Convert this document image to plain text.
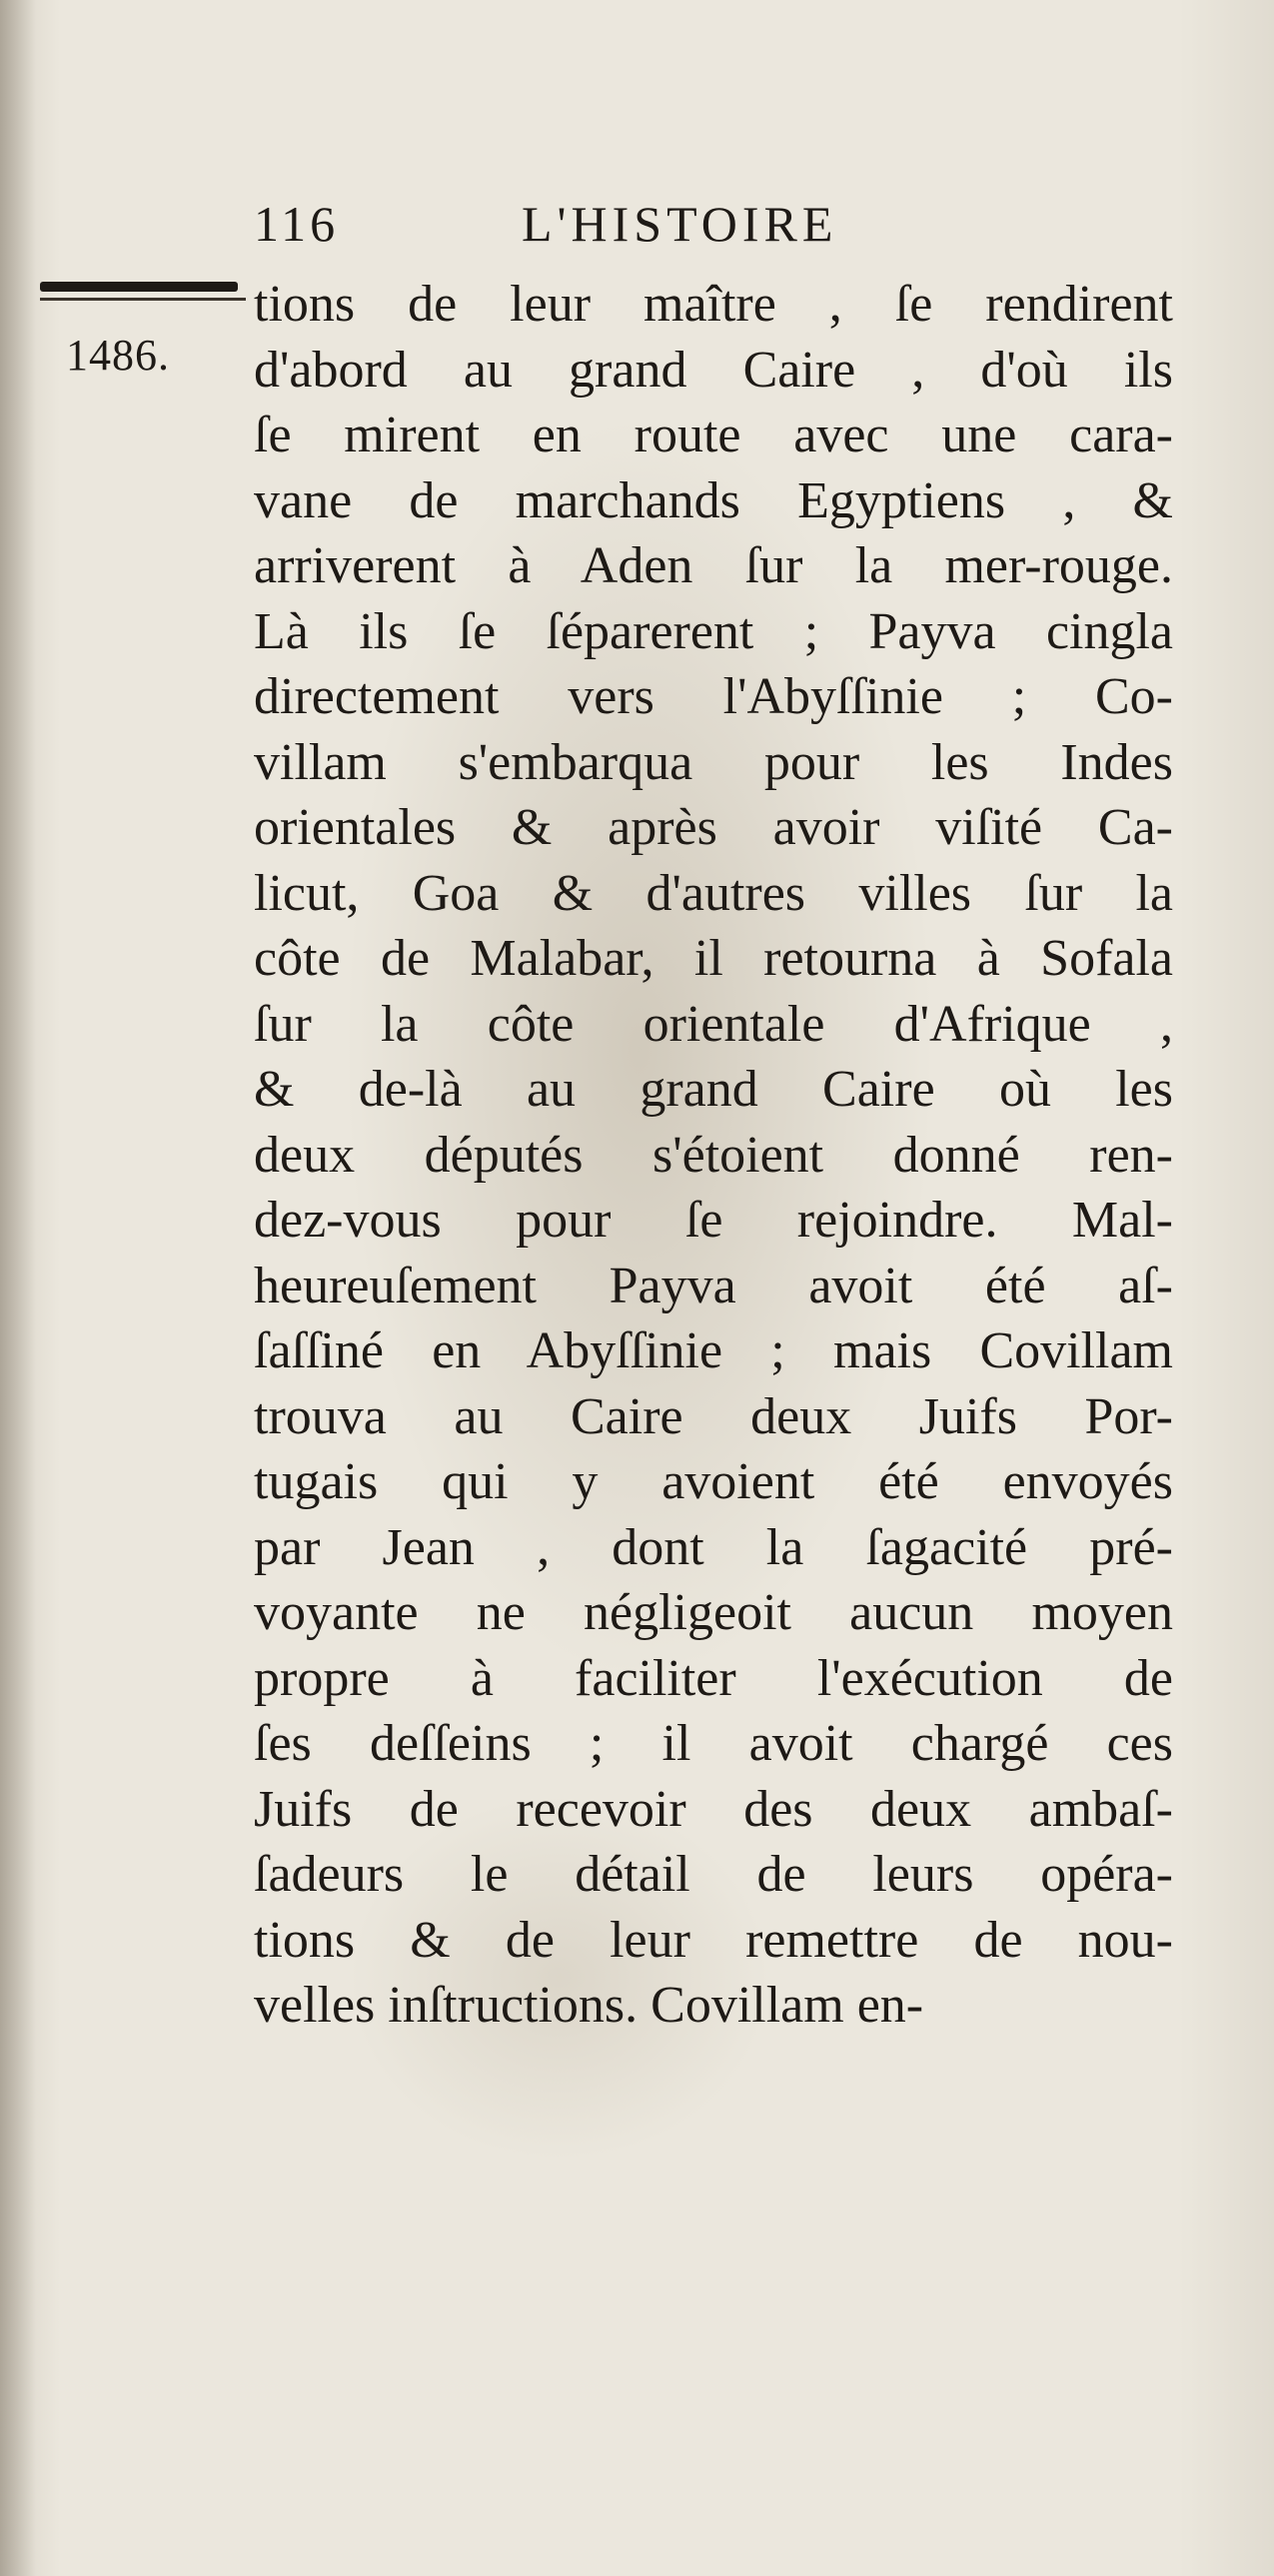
116	L'HISTOIRE
1486.
tions de leur maître , ſe rendirent
d'abord au grand Caire , d'où ils
ſe mirent en route avec une cara-
vane de marchands Egyptiens , &
arriverent à Aden ſur la mer-rouge.
Là ils ſe ſéparerent ; Payva cingla
directement vers l'Abyſſinie ; Co-
villam s'embarqua pour les Indes
orientales & après avoir viſité Ca-
licut, Goa & d'autres villes ſur la
côte de Malabar, il retourna à Sofala
ſur la côte orientale d'Afrique ,
& de-là au grand Caire où les
deux députés s'étoient donné ren-
dez-vous pour ſe rejoindre. Mal-
heureuſement Payva avoit été aſ-
ſaſſiné en Abyſſinie ; mais Covillam
trouva au Caire deux Juifs Por-
tugais qui y avoient été envoyés
par Jean , dont la ſagacité pré-
voyante ne négligeoit aucun moyen
propre à faciliter l'exécution de
ſes deſſeins ; il avoit chargé ces
Juifs de recevoir des deux ambaſ-
ſadeurs le détail de leurs opéra-
tions & de leur remettre de nou-
velles inſtructions. Covillam en-
